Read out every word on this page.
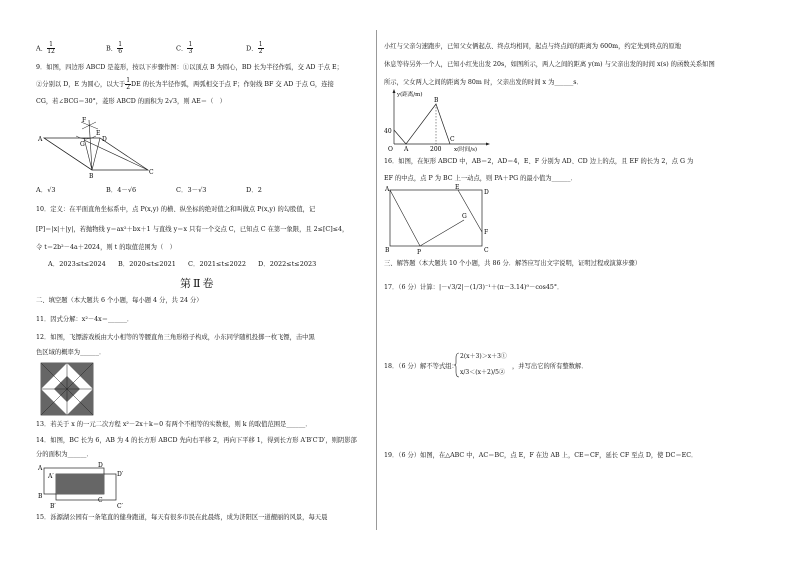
A． $\frac{1}{12}$	B． $\frac{1}{6}$	C． $\frac{1}{3}$	D． $\frac{1}{2}$
9．如图，四边形 ABCD 是菱形，按以下步骤作图：①以顶点 B 为圆心，BD 长为半径作弧，交 AD 于点 E；
②分别以 D，E 为圆心，以大于 $\frac{1}{2}$ DE 的长为半径作弧，两弧相交于点 F；作射线 BF 交 AD 于点 G，连接
CG，若∠BCG＝30°，菱形 ABCD 的面积为 2√3，则 AE＝（　）
F
E
A
G
D
B
C
A．√3	B．4－√6	C．3－√3	D．2
10．定义：在平面直角坐标系中，点 P(x,y) 的横、纵坐标的绝对值之和叫做点 P(x,y) 的勾股值，记
[P]＝|x|＋|y|，若抛物线 y＝ax²＋bx＋1 与直线 y＝x 只有一个交点 C，已知点 C 在第一象限，且 2≤[C]≤4，
令 t＝2b²－4a＋2024，则 t 的取值范围为（　）
A．2023≤t≤2024 B．2020≤t≤2021 C．2021≤t≤2022 D．2022≤t≤2023
第Ⅱ卷
二、填空题（本大题共 6 个小题，每小题 4 分，共 24 分）
11．因式分解：x²－4x＝______．
12．如图，飞镖游戏板由大小相等的等腰直角三角形格子构成，小东同学随机投掷一枚飞镖，击中黑
色区域的概率为______．
13．若关于 x 的一元二次方程 x²－2x＋k＝0 有两个不相等的实数根，则 k 的取值范围是______．
14．如图，BC 长为 6，AB 为 4 的长方形 ABCD 先向右平移 2，再向下平移 1，得到长方形 A′B′C′D′，则阴影部
分的面积为______．
A	D
A′	D′
B
B′
C
C′
15．泺源湖公园有一条笔直的健身跑道，每天有很多市民在此晨练，成为济阳区一道靓丽的风景，每天晨
小红与父亲匀速跑步，已知父女俩起点、终点均相同，起点与终点间的距离为 600m，约定先到终点的原地
休息等待另外一个人，已知小红先出发 20s，如图所示，两人之间的距离 y(m) 与父亲出发的时间 x(s) 的函数关系如图
所示，父女两人之间的距离为 80m 时，父亲出发的时间 x 为______s．
y(距离/m)
x(时间/s)
B
C
O A
40
200
16．如图，在矩形 ABCD 中，AB＝2，AD＝4，E、F 分别为 AD、CD 边上的点，且 EF 的长为 2，点 G 为
EF 的中点，点 P 为 BC 上一动点，则 PA＋PG 的最小值为______．
A	E
D
G
F
B	P	C
三、解答题（本大题共 10 个小题，共 86 分．解答应写出文字说明，证明过程或演算步骤）
17．（6 分）计算：|－√3/2|－(1/3)⁻¹＋(π－3.14)⁰－cos45°．
18．（6 分）解不等式组：
2(x＋3)＞x＋3①
x/3＜(x＋2)/5②
，并写出它的所有整数解．
19．（6 分）如图，在△ABC 中，AC＝BC，点 E，F 在边 AB 上，CE＝CF，延长 CF 至点 D，使 DC＝EC．
